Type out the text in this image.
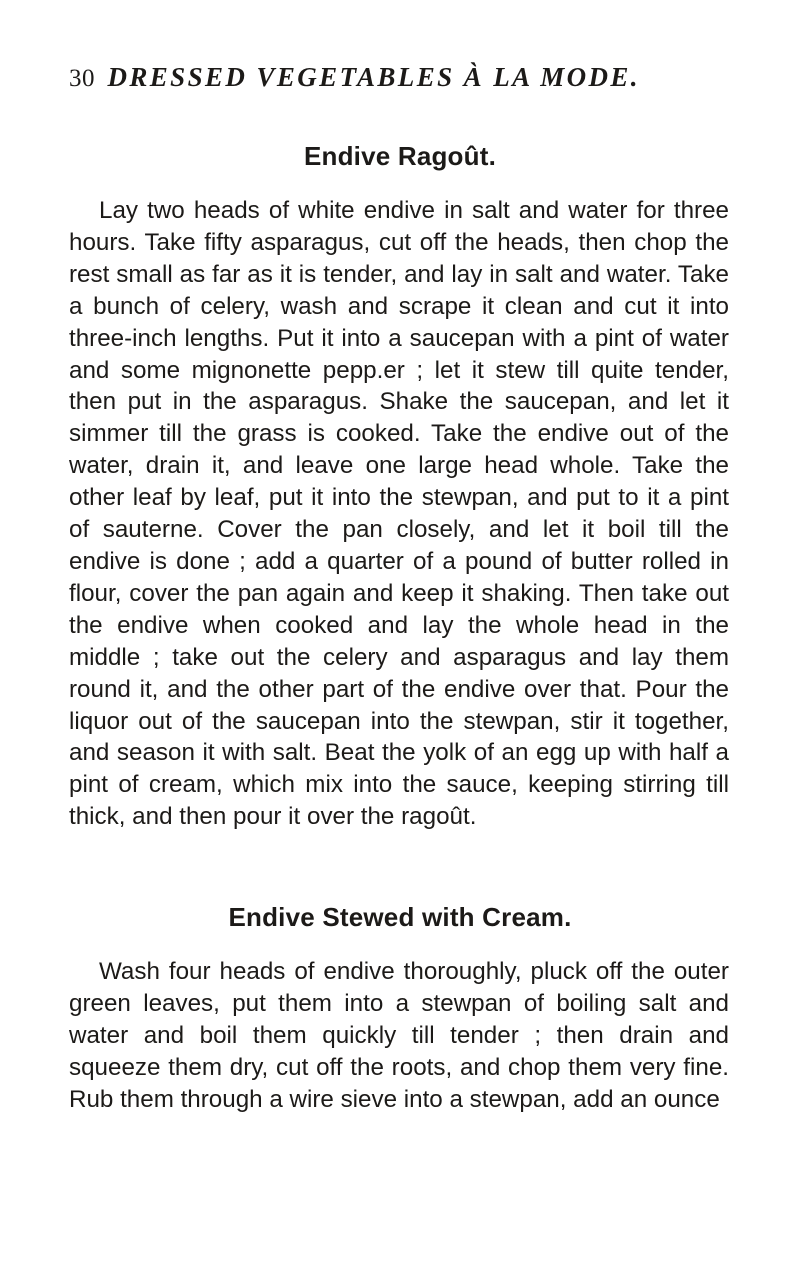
30 DRESSED VEGETABLES À LA MODE.
Endive Ragoût.

Lay two heads of white endive in salt and water for three hours. Take fifty asparagus, cut off the heads, then chop the rest small as far as it is tender, and lay in salt and water. Take a bunch of celery, wash and scrape it clean and cut it into three-inch lengths. Put it into a saucepan with a pint of water and some mignonette pepp.er ; let it stew till quite tender, then put in the asparagus. Shake the saucepan, and let it simmer till the grass is cooked. Take the endive out of the water, drain it, and leave one large head whole. Take the other leaf by leaf, put it into the stewpan, and put to it a pint of sauterne. Cover the pan closely, and let it boil till the endive is done ; add a quarter of a pound of butter rolled in flour, cover the pan again and keep it shaking. Then take out the endive when cooked and lay the whole head in the middle ; take out the celery and asparagus and lay them round it, and the other part of the endive over that. Pour the liquor out of the saucepan into the stewpan, stir it together, and season it with salt. Beat the yolk of an egg up with half a pint of cream, which mix into the sauce, keeping stirring till thick, and then pour it over the ragoût.

Endive Stewed with Cream.

Wash four heads of endive thoroughly, pluck off the outer green leaves, put them into a stewpan of boiling salt and water and boil them quickly till tender ; then drain and squeeze them dry, cut off the roots, and chop them very fine. Rub them through a wire sieve into a stewpan, add an ounce
